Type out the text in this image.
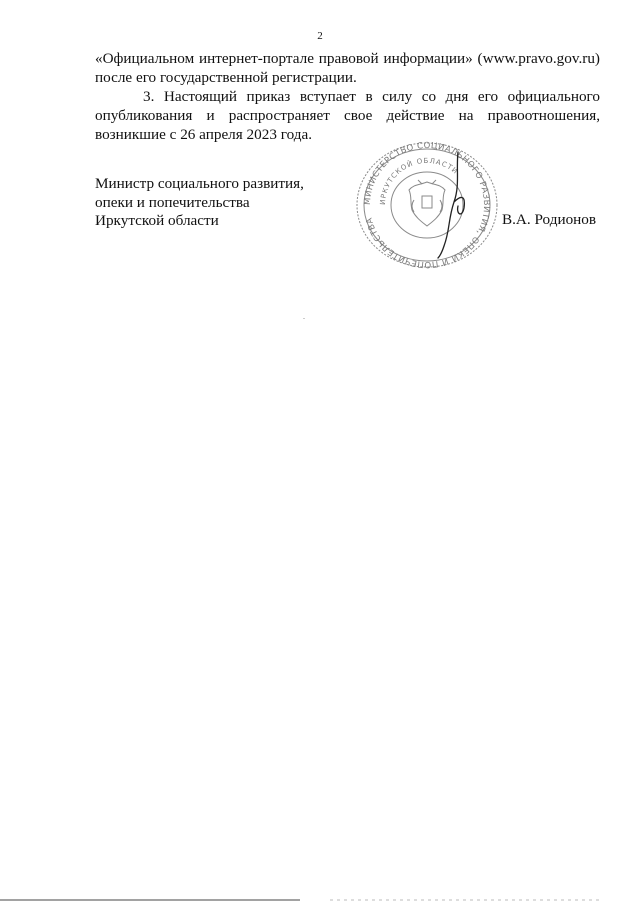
2

«Официальном интернет-портале правовой информации» (www.pravo.gov.ru) после его государственной регистрации.

3. Настоящий приказ вступает в силу со дня его официального опубликования и распространяет свое действие на правоотношения, возникшие с 26 апреля 2023 года.

Министр социального развития,
опеки и попечительства
Иркутской области
МИНИСТЕРСТВО СОЦИАЛЬНОГО РАЗВИТИЯ, ОПЕКИ И ПОПЕЧИТЕЛЬСТВА
ИРКУТСКОЙ ОБЛАСТИ
В.А. Родионов
